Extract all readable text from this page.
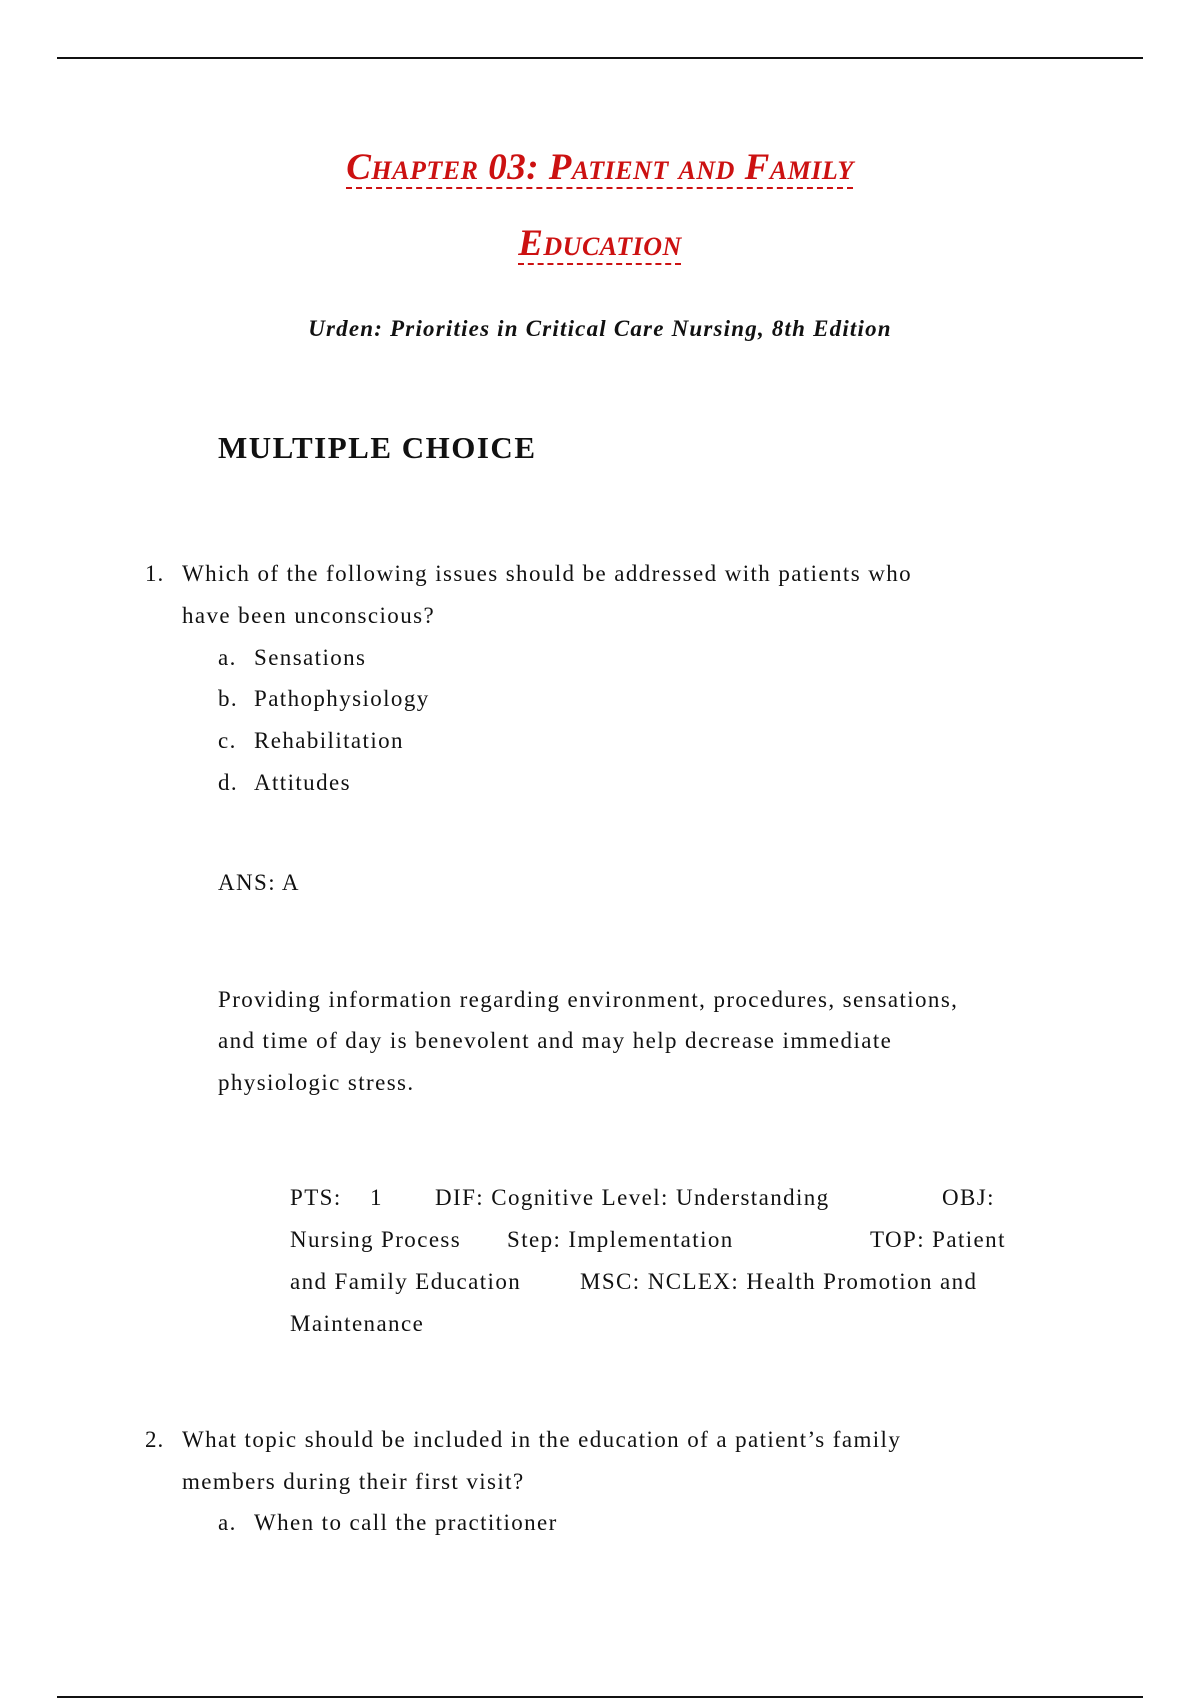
Chapter 03: Patient and Family
Education
Urden: Priorities in Critical Care Nursing, 8th Edition
MULTIPLE CHOICE
1. Which of the following issues should be addressed with patients who
have been unconscious?
a. Sensations
b. Pathophysiology
c. Rehabilitation
d. Attitudes
ANS: A
Providing information regarding environment, procedures, sensations,
and time of day is benevolent and may help decrease immediate
physiologic stress.
PTS: 1 DIF: Cognitive Level: Understanding	OBJ:
Nursing Process Step: Implementation	TOP: Patient
and Family Education	MSC: NCLEX: Health Promotion and
Maintenance
2. What topic should be included in the education of a patient’s family
members during their first visit?
a. When to call the practitioner
